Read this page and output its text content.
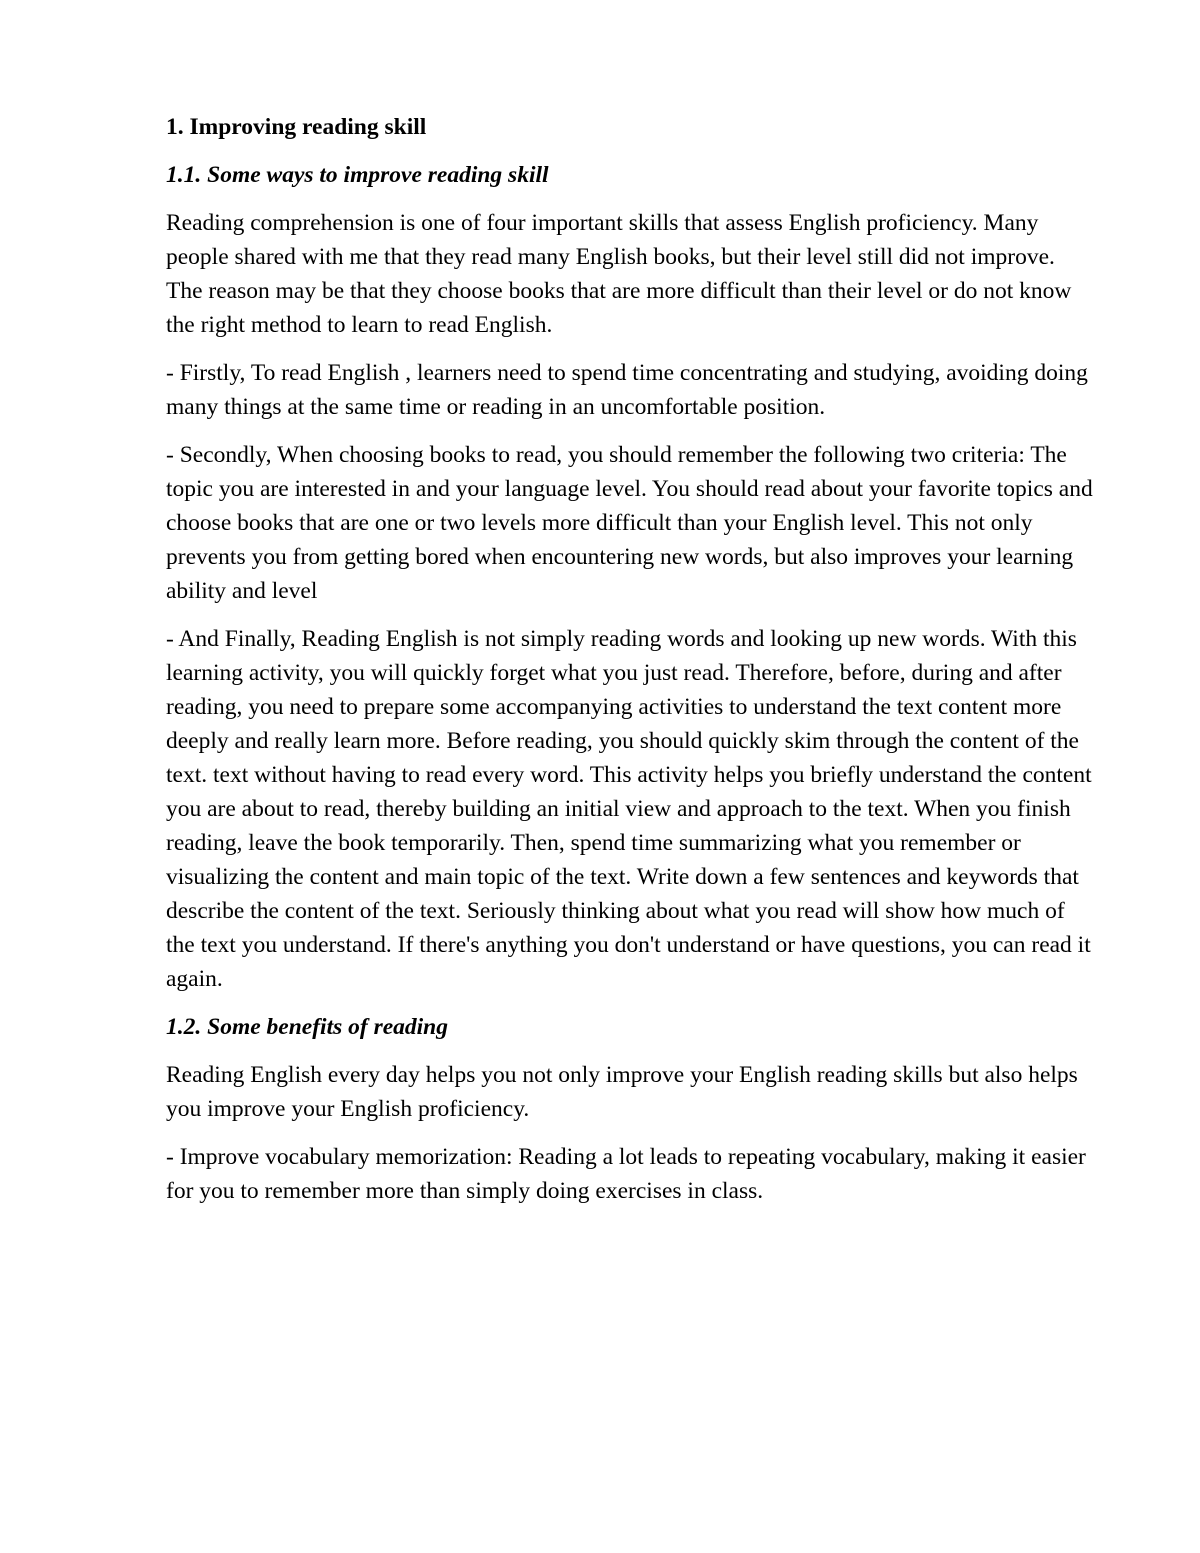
1. Improving reading skill
1.1. Some ways to improve reading skill
Reading comprehension is one of four important skills that assess English proficiency. Many people shared with me that they read many English books, but their level still did not improve. The reason may be that they choose books that are more difficult than their level or do not know the right method to learn to read English.
- Firstly, To read English , learners need to spend time concentrating and studying, avoiding doing many things at the same time or reading in an uncomfortable position.
- Secondly, When choosing books to read, you should remember the following two criteria: The topic you are interested in and your language level. You should read about your favorite topics and choose books that are one or two levels more difficult than your English level. This not only prevents you from getting bored when encountering new words, but also improves your learning ability and level
- And Finally, Reading English is not simply reading words and looking up new words. With this learning activity, you will quickly forget what you just read. Therefore, before, during and after reading, you need to prepare some accompanying activities to understand the text content more deeply and really learn more. Before reading, you should quickly skim through the content of the text. text without having to read every word. This activity helps you briefly understand the content you are about to read, thereby building an initial view and approach to the text. When you finish reading, leave the book temporarily. Then, spend time summarizing what you remember or visualizing the content and main topic of the text. Write down a few sentences and keywords that describe the content of the text. Seriously thinking about what you read will show how much of the text you understand. If there's anything you don't understand or have questions, you can read it again.
1.2. Some benefits of reading
Reading English every day helps you not only improve your English reading skills but also helps you improve your English proficiency.
- Improve vocabulary memorization: Reading a lot leads to repeating vocabulary, making it easier for you to remember more than simply doing exercises in class.
